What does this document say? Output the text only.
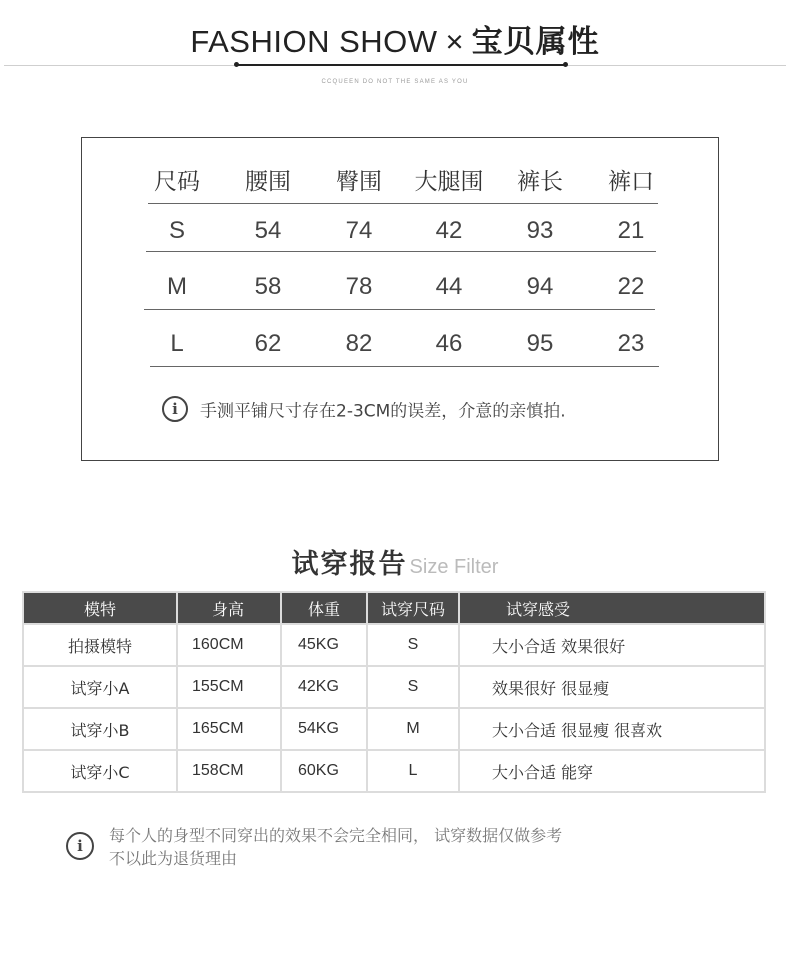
FASHION SHOW × 宝贝属性
CCQUEEN DO NOT THE SAME AS YOU
尺码	腰围	臀围	大腿围	裤长	裤口
S	54	74	42	93	21
M	58	78	44	94	22
L	62	82	46	95	23
i 手测平铺尺寸存在2-3CM的误差，介意的亲慎拍.
试穿报告 Size Filter
模特	身高	体重	试穿尺码	试穿感受
拍摄模特	160CM	45KG	S	大小合适 效果很好
试穿小A	155CM	42KG	S	效果很好 很显瘦
试穿小B	165CM	54KG	M	大小合适 很显瘦 很喜欢
试穿小C	158CM	60KG	L	大小合适 能穿
i
每个人的身型不同穿出的效果不会完全相同， 试穿数据仅做参考
不以此为退货理由
